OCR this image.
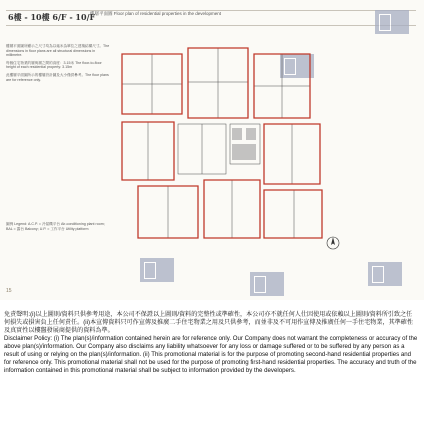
6樓 - 10樓 6/F - 10/F
樓層平面圖 Floor plan of residential properties in the development

樓層平面圖所顯示之尺寸均為以毫米為單位之建築結構尺寸。The dimensions in floor plans are all structural dimensions in millimetre.

每個住宅物業的層與層之間的高度：3.15米 The floor-to-floor height of each residential property: 3.15m

此樓層平面圖所示的樓層設計圖及大小僅供參考。The floor plans are for reference only.

圖例 Legend: A.C.P. = 冷氣機平台 Air-conditioning plant room; BAL = 露台 Balcony; U.P. = 工作平台 Utility platform
15

免責聲明:(i)以上圖則/資料只供參考用途，本公司不保證以上圖則/資料的完整性或準確性，本公司亦不就任何人仕因使用或依賴以上圖則/資料所引致之任何損失或損害負上任何責任。(ii)本宣傳資料只可作宣傳及推廣二手住宅物業之用及只供參考，而並非及不可用作宣傳及推廣任何一手住宅物業，其準確性及真實性以樓盤發展商提供的資料為準。

Disclaimer Policy: (i) The plan(s)/information contained herein are for reference only. Our Company does not warrant the completeness or accuracy of the above plan(s)/information. Our Company also disclaims any liability whatsoever for any loss or damage suffered or to be suffered by any person as a result of using or relying on the plan(s)/information. (ii) This promotional material is for the purpose of promoting second-hand residential properties and for reference only. This promotional material shall not be used for the purpose of promoting first-hand residential properties. The accuracy and truth of the information contained in this promotional material shall be subject to information provided by the developers.
